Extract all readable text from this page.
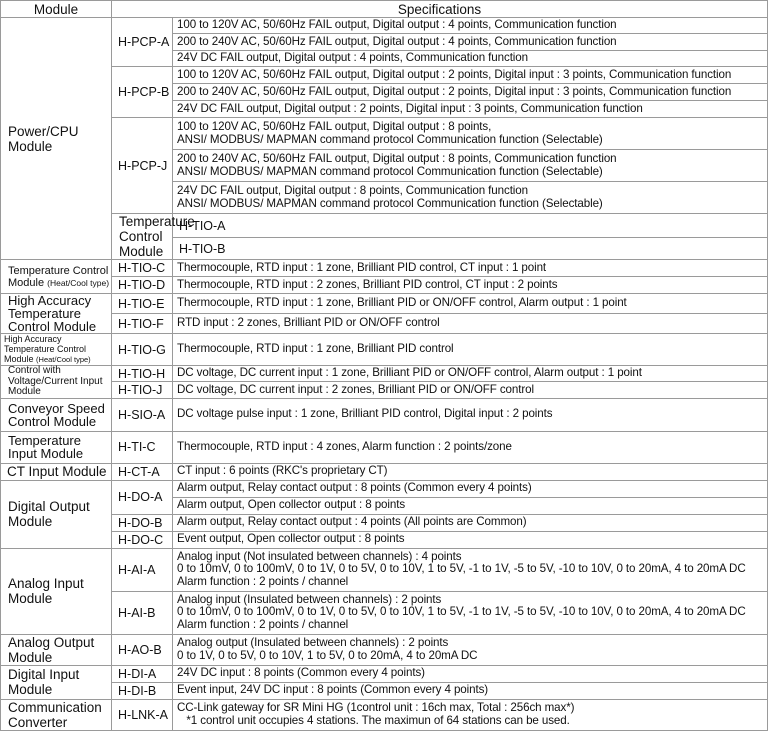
Module	Specifications		
Power/CPU Module	H-PCP-A	100 to 120V AC, 50/60Hz FAIL output, Digital output : 4 points, Communication function	
		200 to 240V AC, 50/60Hz FAIL output, Digital output : 4 points, Communication function	
		24V DC FAIL output, Digital output : 4 points, Communication function	
	H-PCP-B	100 to 120V AC, 50/60Hz FAIL output, Digital output : 2 points, Digital input : 3 points, Communication function	
		200 to 240V AC, 50/60Hz FAIL output, Digital output : 2 points, Digital input : 3 points, Communication function	
		24V DC FAIL output, Digital output : 2 points, Digital input : 3 points, Communication function	
	H-PCP-J	100 to 120V AC, 50/60Hz FAIL output, Digital output : 8 points,
ANSI/ MODBUS/ MAPMAN command protocol Communication function (Selectable)	

		200 to 240V AC, 50/60Hz FAIL output, Digital output : 8 points, Communication function
ANSI/ MODBUS/ MAPMAN command protocol Communication function (Selectable)	

		24V DC FAIL output, Digital output : 8 points, Communication function
ANSI/ MODBUS/ MAPMAN command protocol Communication function (Selectable)	

	Temperature Control Module	H-TIO-A	
		H-TIO-B	
Temperature Control Module (Heat/Cool type)	H-TIO-C	Thermocouple, RTD input : 1 zone, Brilliant PID control, CT input : 1 point	
	H-TIO-D	Thermocouple, RTD input : 2 zones, Brilliant PID control, CT input : 2 points	
High Accuracy Temperature Control Module	H-TIO-E	Thermocouple, RTD input : 1 zone, Brilliant PID or ON/OFF control, Alarm output : 1 point	
	H-TIO-F	RTD input : 2 zones, Brilliant PID or ON/OFF control	
High Accuracy Temperature Control Module (Heat/Cool type)	H-TIO-G	Thermocouple, RTD input : 1 zone, Brilliant PID control	
Control with Voltage/Current Input Module	H-TIO-H	DC voltage, DC current input : 1 zone, Brilliant PID or ON/OFF control, Alarm output : 1 point	
	H-TIO-J	DC voltage, DC current input : 2 zones, Brilliant PID or ON/OFF control	
Conveyor Speed Control Module	H-SIO-A	DC voltage pulse input : 1 zone, Brilliant PID control, Digital input : 2 points	
Temperature Input Module	H-TI-C	Thermocouple, RTD input : 4 zones, Alarm function : 2 points/zone	
CT Input Module	H-CT-A	CT input : 6 points (RKC's proprietary CT)	
Digital Output Module	H-DO-A	Alarm output, Relay contact output : 8 points (Common every 4 points)	
		Alarm output, Open collector output : 8 points	
	H-DO-B	Alarm output, Relay contact output : 4 points (All points are Common)	
	H-DO-C	Event output, Open collector output : 8 points	
Analog Input Module	H-AI-A	Analog input (Not insulated between channels) : 4 points
0 to 10mV, 0 to 100mV, 0 to 1V, 0 to 5V, 0 to 10V, 1 to 5V, -1 to 1V, -5 to 5V, -10 to 10V, 0 to 20mA, 4 to 20mA DC
Alarm function : 2 points / channel	

	H-AI-B	Analog input (Insulated between channels) : 2 points
0 to 10mV, 0 to 100mV, 0 to 1V, 0 to 5V, 0 to 10V, 1 to 5V, -1 to 1V, -5 to 5V, -10 to 10V, 0 to 20mA, 4 to 20mA DC
Alarm function : 2 points / channel	

Analog Output Module	H-AO-B	Analog output (Insulated between channels) : 2 points
0 to 1V, 0 to 5V, 0 to 10V, 1 to 5V, 0 to 20mA, 4 to 20mA DC	

Digital Input Module	H-DI-A	24V DC input : 8 points (Common every 4 points)	
	H-DI-B	Event input, 24V DC input : 8 points (Common every 4 points)	
Communication Converter	H-LNK-A	CC-Link gateway for SR Mini HG (1control unit : 16ch max, Total : 256ch max*)
*1 control unit occupies 4 stations. The maximun of 64 stations can be used.	
